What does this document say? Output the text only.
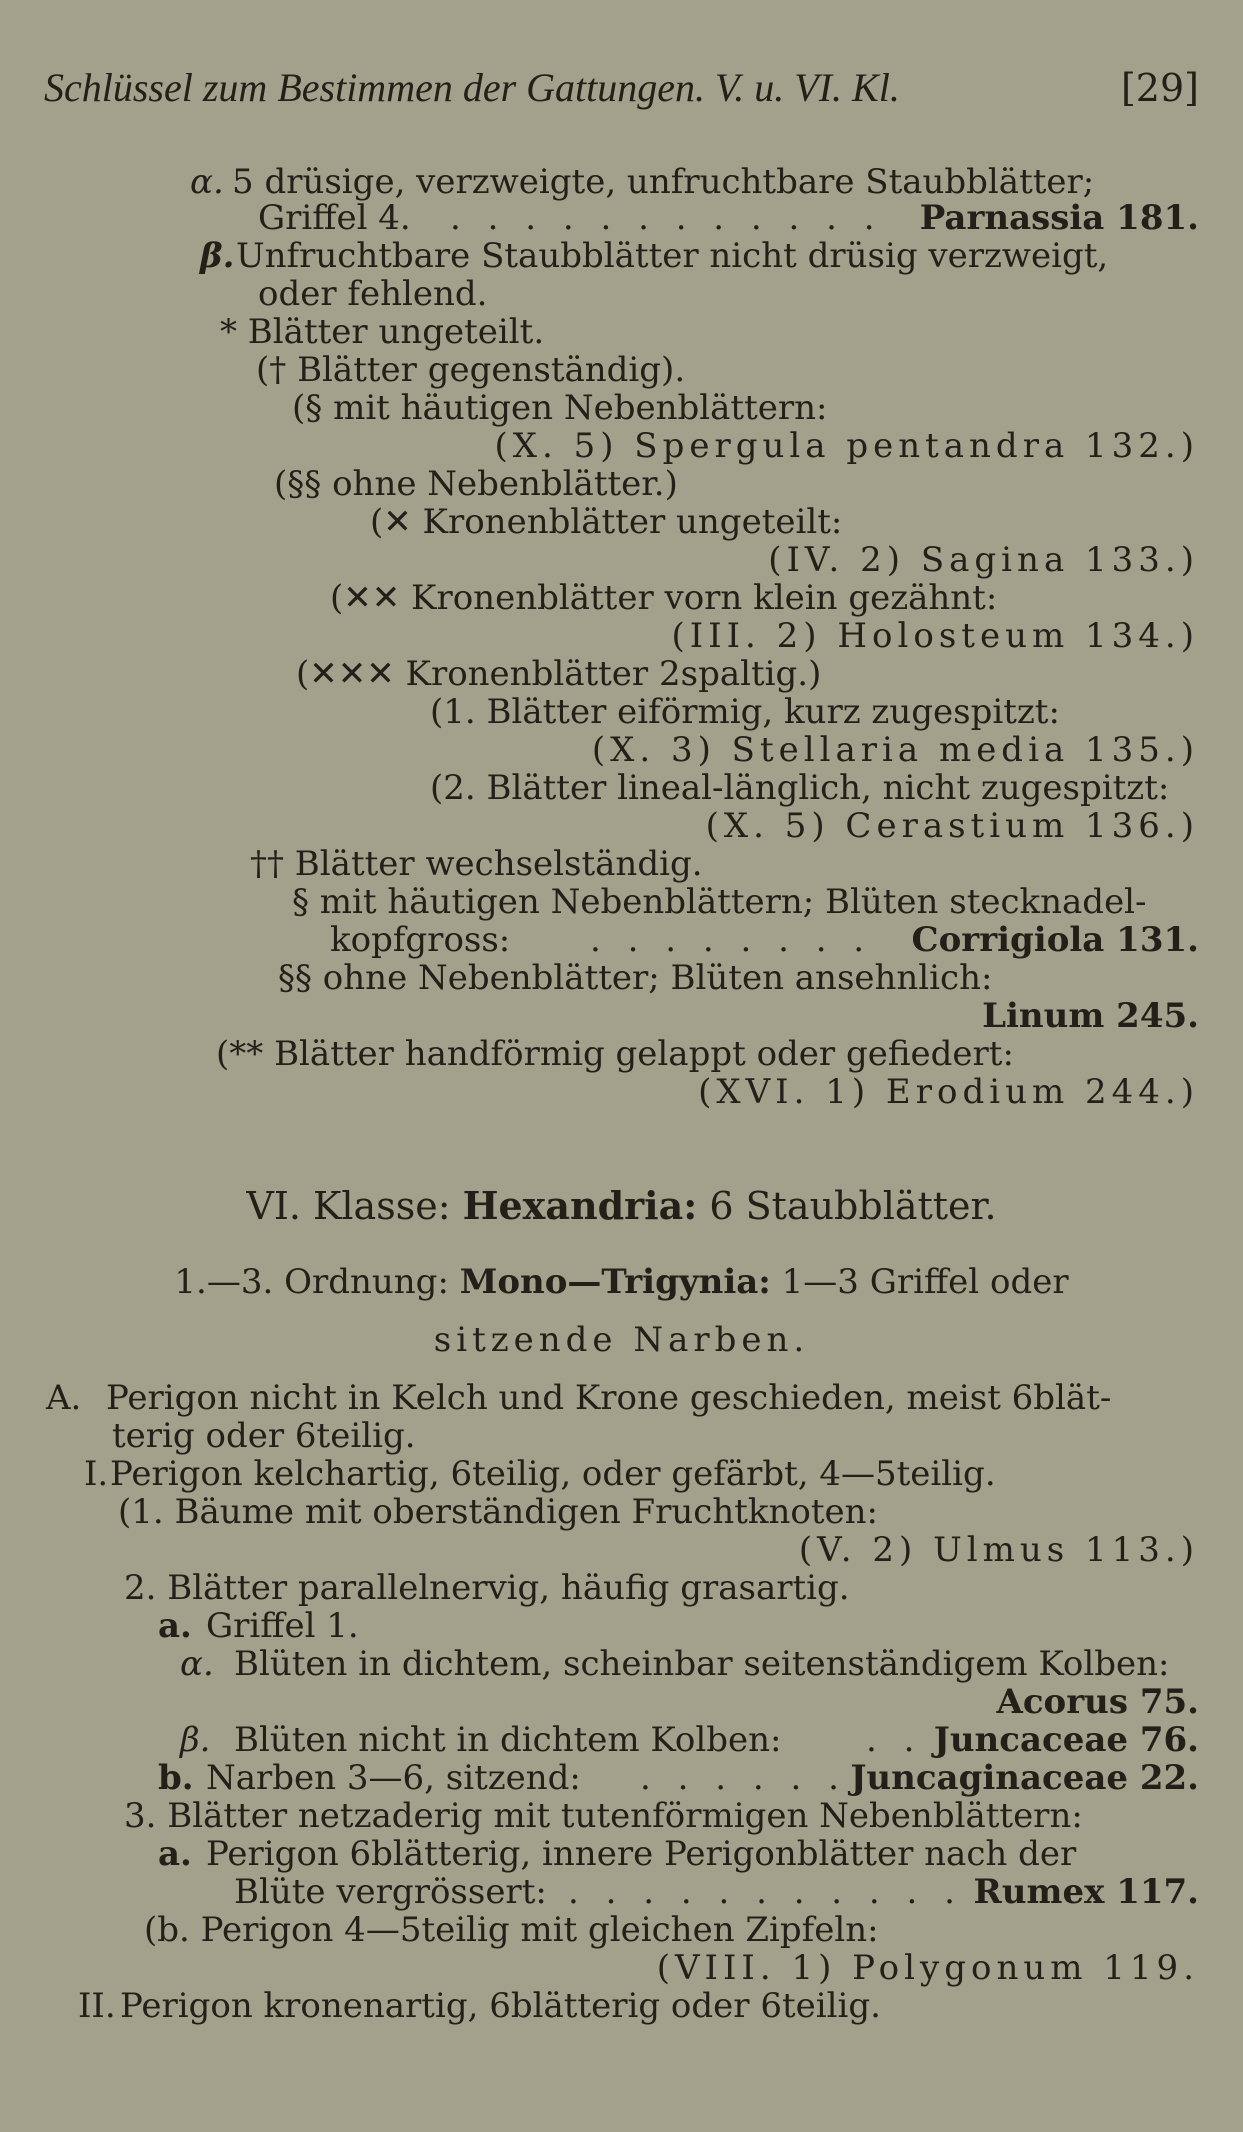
Schlüssel zum Bestimmen der Gattungen. V. u. VI. Kl.	[29]
α. 5 drüsige, verzweigte, unfruchtbare Staubblätter;
Griffel 4. . . . . . . . . . . . . Parnassia 181.
β. Unfruchtbare Staubblätter nicht drüsig verzweigt,
oder fehlend.
* Blätter ungeteilt.
(† Blätter gegenständig).
(§ mit häutigen Nebenblättern:
(X. 5) Spergula pentandra 132.)
(§§ ohne Nebenblätter.)
(✕ Kronenblätter ungeteilt:
(IV. 2) Sagina 133.)
(✕✕ Kronenblätter vorn klein gezähnt:
(III. 2) Holosteum 134.)
(✕✕✕ Kronenblätter 2spaltig.)
(1. Blätter eiförmig, kurz zugespitzt:
(X. 3) Stellaria media 135.)
(2. Blätter lineal-länglich, nicht zugespitzt:
(X. 5) Cerastium 136.)
†† Blätter wechselständig.
§ mit häutigen Nebenblättern; Blüten stecknadel-
kopfgross: . . . . . . . . Corrigiola 131.
§§ ohne Nebenblätter; Blüten ansehnlich:
Linum 245.
(** Blätter handförmig gelappt oder gefiedert:
(XVI. 1) Erodium 244.)
VI. Klasse: Hexandria: 6 Staubblätter.
1.—3. Ordnung: Mono—Trigynia: 1—3 Griffel oder
sitzende Narben.
A. Perigon nicht in Kelch und Krone geschieden, meist 6blät-
terig oder 6teilig.
I. Perigon kelchartig, 6teilig, oder gefärbt, 4—5teilig.
(1. Bäume mit oberständigen Fruchtknoten:
(V. 2) Ulmus 113.)
2. Blätter parallelnervig, häufig grasartig.
a. Griffel 1.
α. Blüten in dichtem, scheinbar seitenständigem Kolben:
Acorus 75.
β. Blüten nicht in dichtem Kolben: . . Juncaceae 76.
b. Narben 3—6, sitzend: . . . . . . Juncaginaceae 22.
3. Blätter netzaderig mit tutenförmigen Nebenblättern:
a. Perigon 6blätterig, innere Perigonblätter nach der
Blüte vergrössert: . . . . . . . . . . . Rumex 117.
(b. Perigon 4—5teilig mit gleichen Zipfeln:
(VIII. 1) Polygonum 119.
II. Perigon kronenartig, 6blätterig oder 6teilig.
